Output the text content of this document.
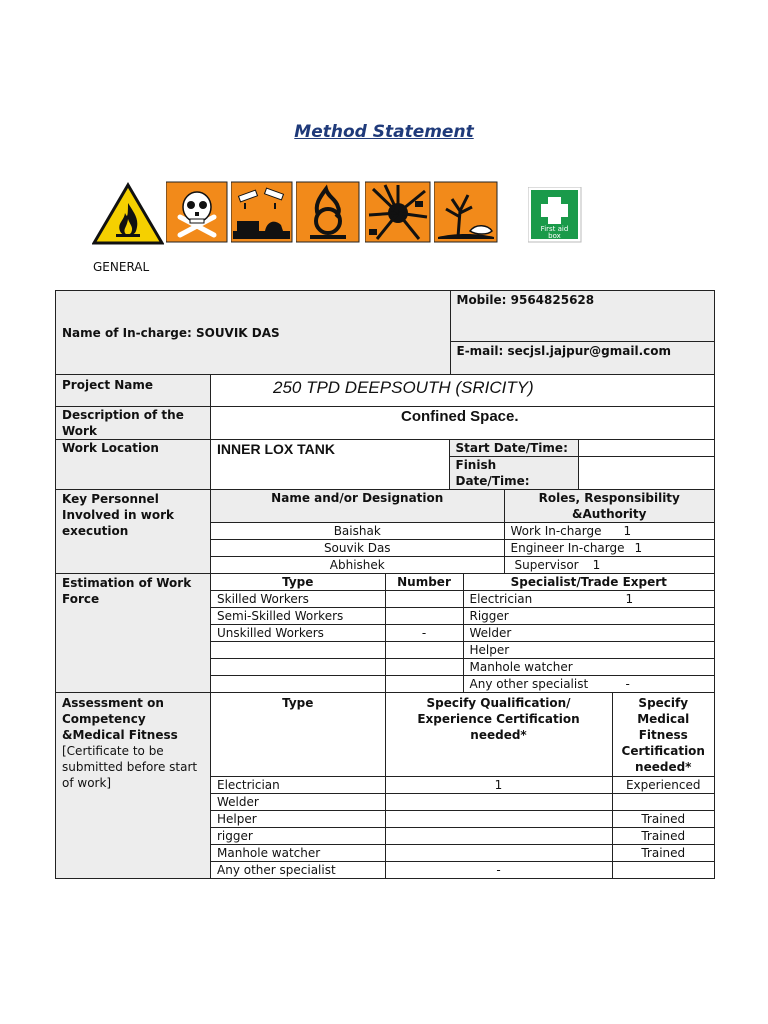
Method Statement
First aid
box
GENERAL
Name of In-charge: SOUVIK DAS	Mobile: 9564825628
E-mail: secjsl.jajpur@gmail.com

Project Name	250 TPD DEEPSOUTH (SRICITY)
Description of the Work	Confined Space.
Work Location		INNER LOX TANK	Start Date/Time:	
Finish Date/Time:	

Key Personnel Involved in work execution	
Name and/or Designation	Roles, Responsibility &Authority
Baishak	Work In-charge 1
Souvik Das	Engineer In-charge 1
Abhishek	Supervisor 1

Estimation of Work Force	
Type	Number	Specialist/Trade Expert
Skilled Workers		Electrician	1
Semi-Skilled Workers		Rigger
Unskilled Workers	-	Welder
		Helper
		Manhole watcher
		Any other specialist	-

Assessment on Competency &Medical Fitness [Certificate to be submitted before start of work]	
Type	Specify Qualification/ Experience Certification needed*	Specify Medical Fitness Certification needed*
Electrician	1	Experienced
Welder		
Helper		Trained
rigger		Trained
Manhole watcher		Trained
Any other specialist	-	
